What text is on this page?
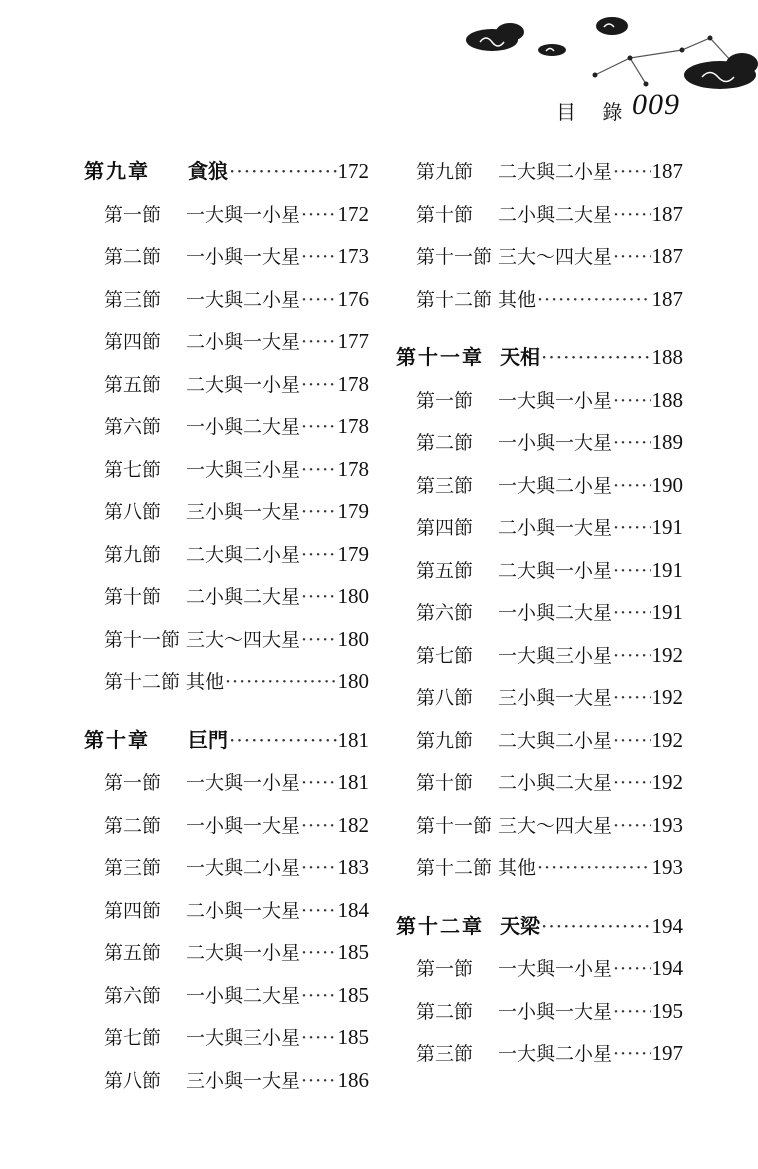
目 錄 009
第九章	貪狼 ·····	172
第一節	一大與一小星 ····· 172
第二節	一小與一大星 ····· 173
第三節	一大與二小星 ····· 176
第四節	二小與一大星 ····· 177
第五節	二大與一小星 ····· 178
第六節	一小與二大星 ····· 178
第七節	一大與三小星 ····· 178
第八節	三小與一大星 ····· 179
第九節	二大與二小星 ····· 179
第十節	二小與二大星 ····· 180
第十一節 三大～四大星 ····· 180
第十二節 其他 ·····	180
第十章	巨門 ·····	181
第一節	一大與一小星 ····· 181
第二節	一小與一大星 ····· 182
第三節	一大與二小星 ····· 183
第四節	二小與一大星 ····· 184
第五節	二大與一小星 ····· 185
第六節	一小與二大星 ····· 185
第七節	一大與三小星 ····· 185
第八節	三小與一大星 ····· 186
第九節	二大與二小星 ····· 187
第十節	二小與二大星 ····· 187
第十一節 三大～四大星 ····· 187
第十二節 其他 ·····	187
第十一章 天相 ·····	188
第一節	一大與一小星 ····· 188
第二節	一小與一大星 ····· 189
第三節	一大與二小星 ····· 190
第四節	二小與一大星 ····· 191
第五節	二大與一小星 ····· 191
第六節	一小與二大星 ····· 191
第七節	一大與三小星 ····· 192
第八節	三小與一大星 ····· 192
第九節	二大與二小星 ····· 192
第十節	二小與二大星 ····· 192
第十一節 三大～四大星 ····· 193
第十二節 其他 ·····	193
第十二章 天梁 ·····	194
第一節	一大與一小星 ····· 194
第二節	一小與一大星 ····· 195
第三節	一大與二小星 ····· 197
